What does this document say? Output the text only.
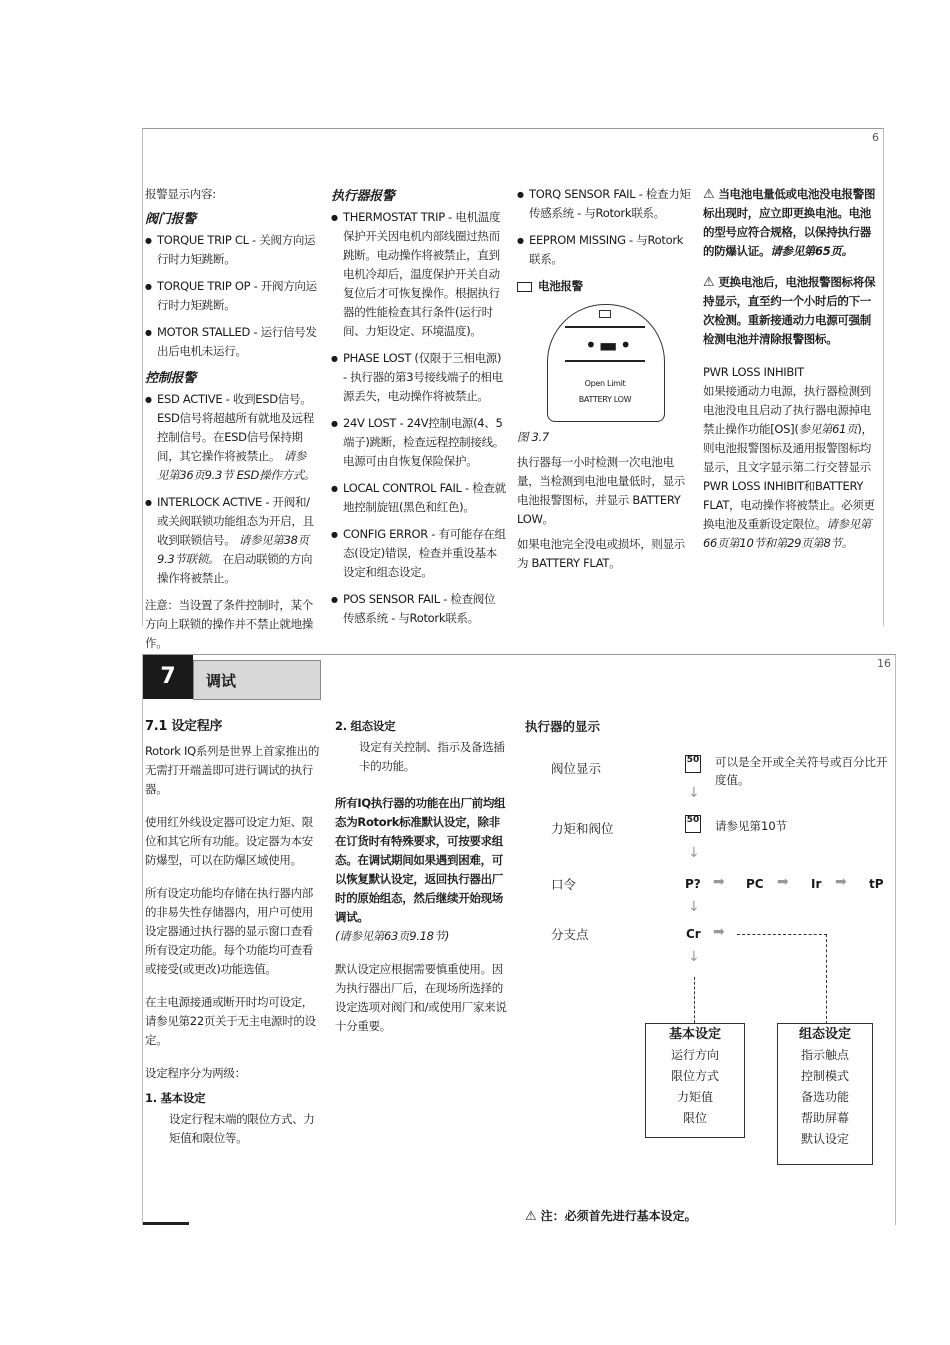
6

报警显示内容:

阀门报警
● TORQUE TRIP CL - 关阀方向运行时力矩跳断。
● TORQUE TRIP OP - 开阀方向运行时力矩跳断。
● MOTOR STALLED - 运行信号发出后电机未运行。
控制报警
● ESD ACTIVE - 收到ESD信号。ESD信号将超越所有就地及远程控制信号。在ESD信号保持期间，其它操作将被禁止。 请参见第36页9.3节 ESD操作方式。
● INTERLOCK ACTIVE - 开阀和/或关阀联锁功能组态为开启，且收到联锁信号。 请参见第38页9.3节联锁。 在启动联锁的方向操作将被禁止。

注意：当设置了条件控制时，某个方向上联锁的操作并不禁止就地操作。

执行器报警
● THERMOSTAT TRIP - 电机温度保护开关因电机内部线圈过热而跳断。电动操作将被禁止，直到电机冷却后，温度保护开关自动复位后才可恢复操作。根据执行器的性能检查其行条件(运行时间、力矩设定、环境温度)。
● PHASE LOST (仅限于三相电源) - 执行器的第3号接线端子的相电源丢失，电动操作将被禁止。
● 24V LOST - 24V控制电源(4、5端子)跳断，检查远程控制接线。电源可由自恢复保险保护。
● LOCAL CONTROL FAIL - 检查就地控制旋钮(黑色和红色)。
● CONFIG ERROR - 有可能存在组态(设定)错误，检查并重设基本设定和组态设定。
● POS SENSOR FAIL - 检查阀位传感系统 - 与Rotork联系。
● TORQ SENSOR FAIL - 检查力矩传感系统 - 与Rotork联系。
● EEPROM MISSING - 与Rotork联系。
电池报警
•▬•
Open Limit
BATTERY LOW

图 3.7

执行器每一小时检测一次电池电量，当检测到电池电量低时，显示电池报警图标，并显示 BATTERY LOW。

如果电池完全没电或损坏，则显示为 BATTERY FLAT。

⚠ 当电池电量低或电池没电报警图标出现时，应立即更换电池。电池的型号应符合规格，以保持执行器的防爆认证。请参见第65页。

⚠ 更换电池后，电池报警图标将保持显示，直至约一个小时后的下一次检测。重新接通动力电源可强制检测电池并清除报警图标。

PWR LOSS INHIBIT

如果接通动力电源，执行器检测到电池没电且启动了执行器电源掉电禁止操作功能[OS](参见第61页)，则电池报警图标及通用报警图标均显示，且文字显示第二行交替显示PWR LOSS INHIBIT和BATTERY FLAT，电动操作将被禁止。必须更换电池及重新设定限位。请参见第66页第10节和第29页第8节。

16
7	调试

7.1 设定程序

Rotork IQ系列是世界上首家推出的无需打开端盖即可进行调试的执行器。

使用红外线设定器可设定力矩、限位和其它所有功能。设定器为本安防爆型，可以在防爆区域使用。

所有设定功能均存储在执行器内部的非易失性存储器内，用户可使用设定器通过执行器的显示窗口查看所有设定功能。每个功能均可查看或接受(或更改)功能选值。

在主电源接通或断开时均可设定，请参见第22页关于无主电源时的设定。

设定程序分为两级：

1. 基本设定

设定行程末端的限位方式、力矩值和限位等。

2. 组态设定

设定有关控制、指示及备选插卡的功能。

所有IQ执行器的功能在出厂前均组态为Rotork标准默认设定，除非在订货时有特殊要求，可按要求组态。在调试期间如果遇到困难，可以恢复默认设定，返回执行器出厂时的原始组态，然后继续开始现场调试。

(请参见第63页9.18节)

默认设定应根据需要慎重使用。因为执行器出厂后，在现场所选择的设定选项对阀门和/或使用厂家来说十分重要。

执行器的显示
阀位显示
力矩和阀位
口令
分支点
50 可以是全开或全关符号或百分比开度值。
↓
50 请参见第10节
↓
P? ➡ PC ➡ Ir ➡ tP
↓
Cr ➡
↓
基本设定
运行方向
限位方式
力矩值
限位
组态设定
指示触点
控制模式
备选功能
帮助屏幕
默认设定
⚠ 注：必须首先进行基本设定。
